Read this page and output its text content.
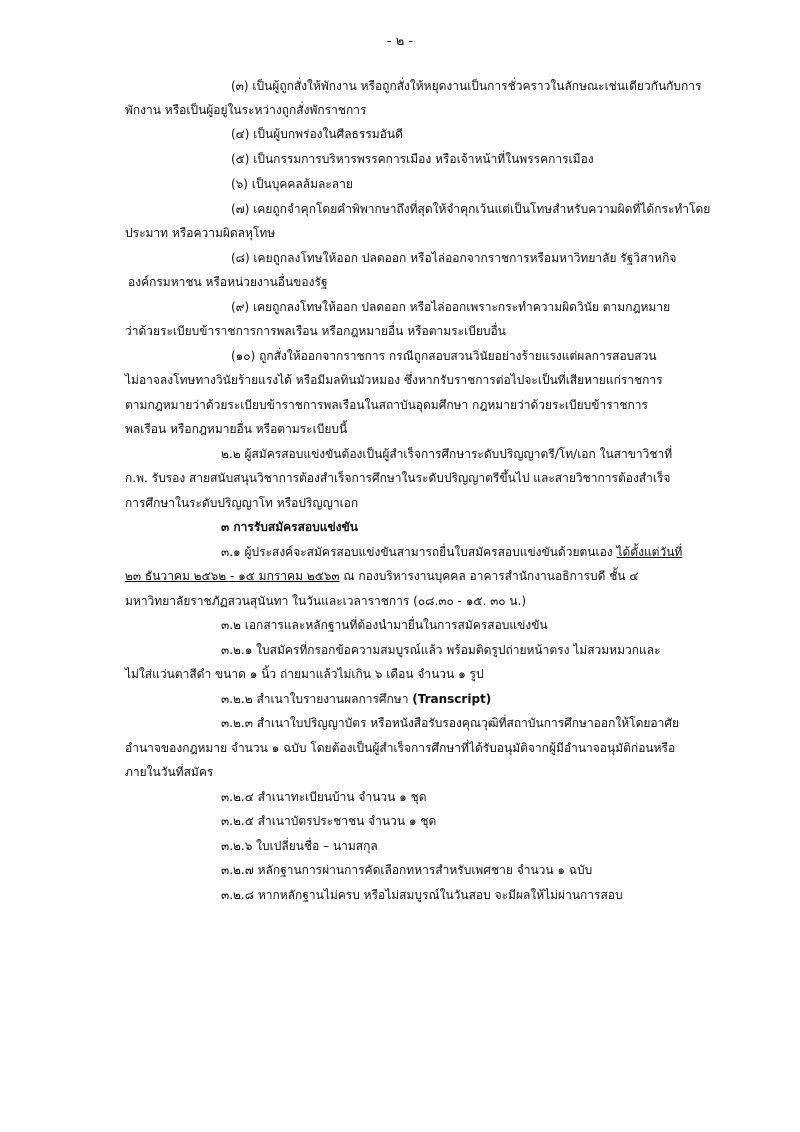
- ๒ -
(๓) เป็นผู้ถูกสั่งให้พักงาน หรือถูกสั่งให้หยุดงานเป็นการชั่วคราวในลักษณะเช่นเดียวกันกับการ
พักงาน หรือเป็นผู้อยู่ในระหว่างถูกสั่งพักราชการ
(๔) เป็นผู้บกพร่องในศีลธรรมอันดี
(๕) เป็นกรรมการบริหารพรรคการเมือง หรือเจ้าหน้าที่ในพรรคการเมือง
(๖) เป็นบุคคลล้มละลาย
(๗) เคยถูกจำคุกโดยคำพิพากษาถึงที่สุดให้จำคุกเว้นแต่เป็นโทษสำหรับความผิดที่ได้กระทำโดย
ประมาท หรือความผิดลหุโทษ
(๘) เคยถูกลงโทษให้ออก ปลดออก หรือไล่ออกจากราชการหรือมหาวิทยาลัย รัฐวิสาหกิจ
องค์กรมหาชน หรือหน่วยงานอื่นของรัฐ
(๙) เคยถูกลงโทษให้ออก ปลดออก หรือไล่ออกเพราะกระทำความผิดวินัย ตามกฎหมาย
ว่าด้วยระเบียบข้าราชการการพลเรือน หรือกฎหมายอื่น หรือตามระเบียบอื่น
(๑๐) ถูกสั่งให้ออกจากราชการ กรณีถูกสอบสวนวินัยอย่างร้ายแรงแต่ผลการสอบสวน
ไม่อาจลงโทษทางวินัยร้ายแรงได้ หรือมีมลทินมัวหมอง ซึ่งหากรับราชการต่อไปจะเป็นที่เสียหายแก่ราชการ
ตามกฎหมายว่าด้วยระเบียบข้าราชการพลเรือนในสถาบันอุดมศึกษา กฎหมายว่าด้วยระเบียบข้าราชการ
พลเรือน หรือกฎหมายอื่น หรือตามระเบียบนี้
๒.๒ ผู้สมัครสอบแข่งขันต้องเป็นผู้สำเร็จการศึกษาระดับปริญญาตรี/โท/เอก ในสาขาวิชาที่
ก.พ. รับรอง สายสนับสนุนวิชาการต้องสำเร็จการศึกษาในระดับปริญญาตรีขึ้นไป และสายวิชาการต้องสำเร็จ
การศึกษาในระดับปริญญาโท หรือปริญญาเอก
๓ การรับสมัครสอบแข่งขัน
๓.๑ ผู้ประสงค์จะสมัครสอบแข่งขันสามารถยื่นใบสมัครสอบแข่งขันด้วยตนเอง ได้ตั้งแต่วันที่
๒๓ ธันวาคม ๒๕๖๒ - ๑๕ มกราคม ๒๕๖๓ ณ กองบริหารงานบุคคล อาคารสำนักงานอธิการบดี ชั้น ๔
มหาวิทยาลัยราชภัฏสวนสุนันทา ในวันและเวลาราชการ (๐๘.๓๐ - ๑๕. ๓๐ น.)
๓.๒ เอกสารและหลักฐานที่ต้องนำมายื่นในการสมัครสอบแข่งขัน
๓.๒.๑ ใบสมัครที่กรอกข้อความสมบูรณ์แล้ว พร้อมติดรูปถ่ายหน้าตรง ไม่สวมหมวกและ
ไม่ใส่แว่นตาสีดำ ขนาด ๑ นิ้ว ถ่ายมาแล้วไม่เกิน ๖ เดือน จำนวน ๑ รูป
๓.๒.๒ สำเนาใบรายงานผลการศึกษา (Transcript)
๓.๒.๓ สำเนาใบปริญญาบัตร หรือหนังสือรับรองคุณวุฒิที่สถาบันการศึกษาออกให้โดยอาศัย
อำนาจของกฎหมาย จำนวน ๑ ฉบับ โดยต้องเป็นผู้สำเร็จการศึกษาที่ได้รับอนุมัติจากผู้มีอำนาจอนุมัติก่อนหรือ
ภายในวันที่สมัคร
๓.๒.๔ สำเนาทะเบียนบ้าน จำนวน ๑ ชุด
๓.๒.๕ สำเนาบัตรประชาชน จำนวน ๑ ชุด
๓.๒.๖ ใบเปลี่ยนชื่อ – นามสกุล
๓.๒.๗ หลักฐานการผ่านการคัดเลือกทหารสำหรับเพศชาย จำนวน ๑ ฉบับ
๓.๒.๘ หากหลักฐานไม่ครบ หรือไม่สมบูรณ์ในวันสอบ จะมีผลให้ไม่ผ่านการสอบ
